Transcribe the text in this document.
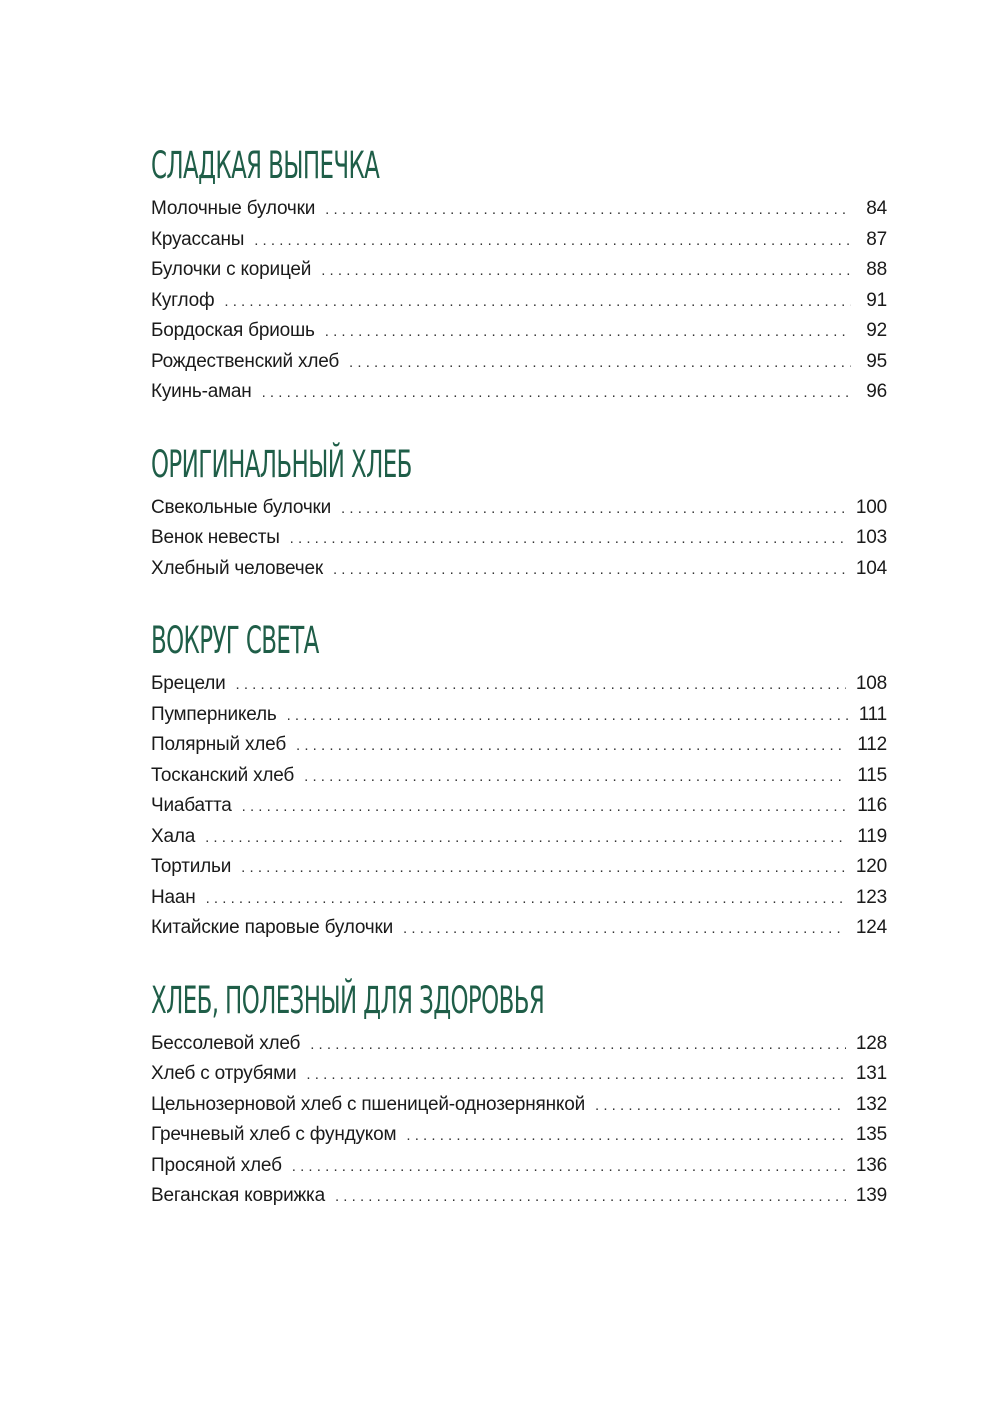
СЛАДКАЯ ВЫПЕЧКА
Молочные булочки . . .	84
Круассаны . . .	87
Булочки с корицей . . .	88
Куглоф . . .	91
Бордоская бриошь . . .	92
Рождественский хлеб . . .	95
Куинь-аман . . .	96
ОРИГИНАЛЬНЫЙ ХЛЕБ
Свекольные булочки . . .	100
Венок невесты . . .	103
Хлебный человечек . . .	104
ВОКРУГ СВЕТА
Брецели . . .	108
Пумперникель . . .	111
Полярный хлеб . . .	112
Тосканский хлеб . . .	115
Чиабатта . . .	116
Хала . . .	119
Тортильи . . .	120
Наан . . .	123
Китайские паровые булочки . . .	124
ХЛЕБ, ПОЛЕЗНЫЙ ДЛЯ ЗДОРОВЬЯ
Бессолевой хлеб . . .	128
Хлеб с отрубями . . .	131
Цельнозерновой хлеб с пшеницей-однозернянкой . . .	132
Гречневый хлеб с фундуком . . .	135
Просяной хлеб . . .	136
Веганская коврижка . . .	139
